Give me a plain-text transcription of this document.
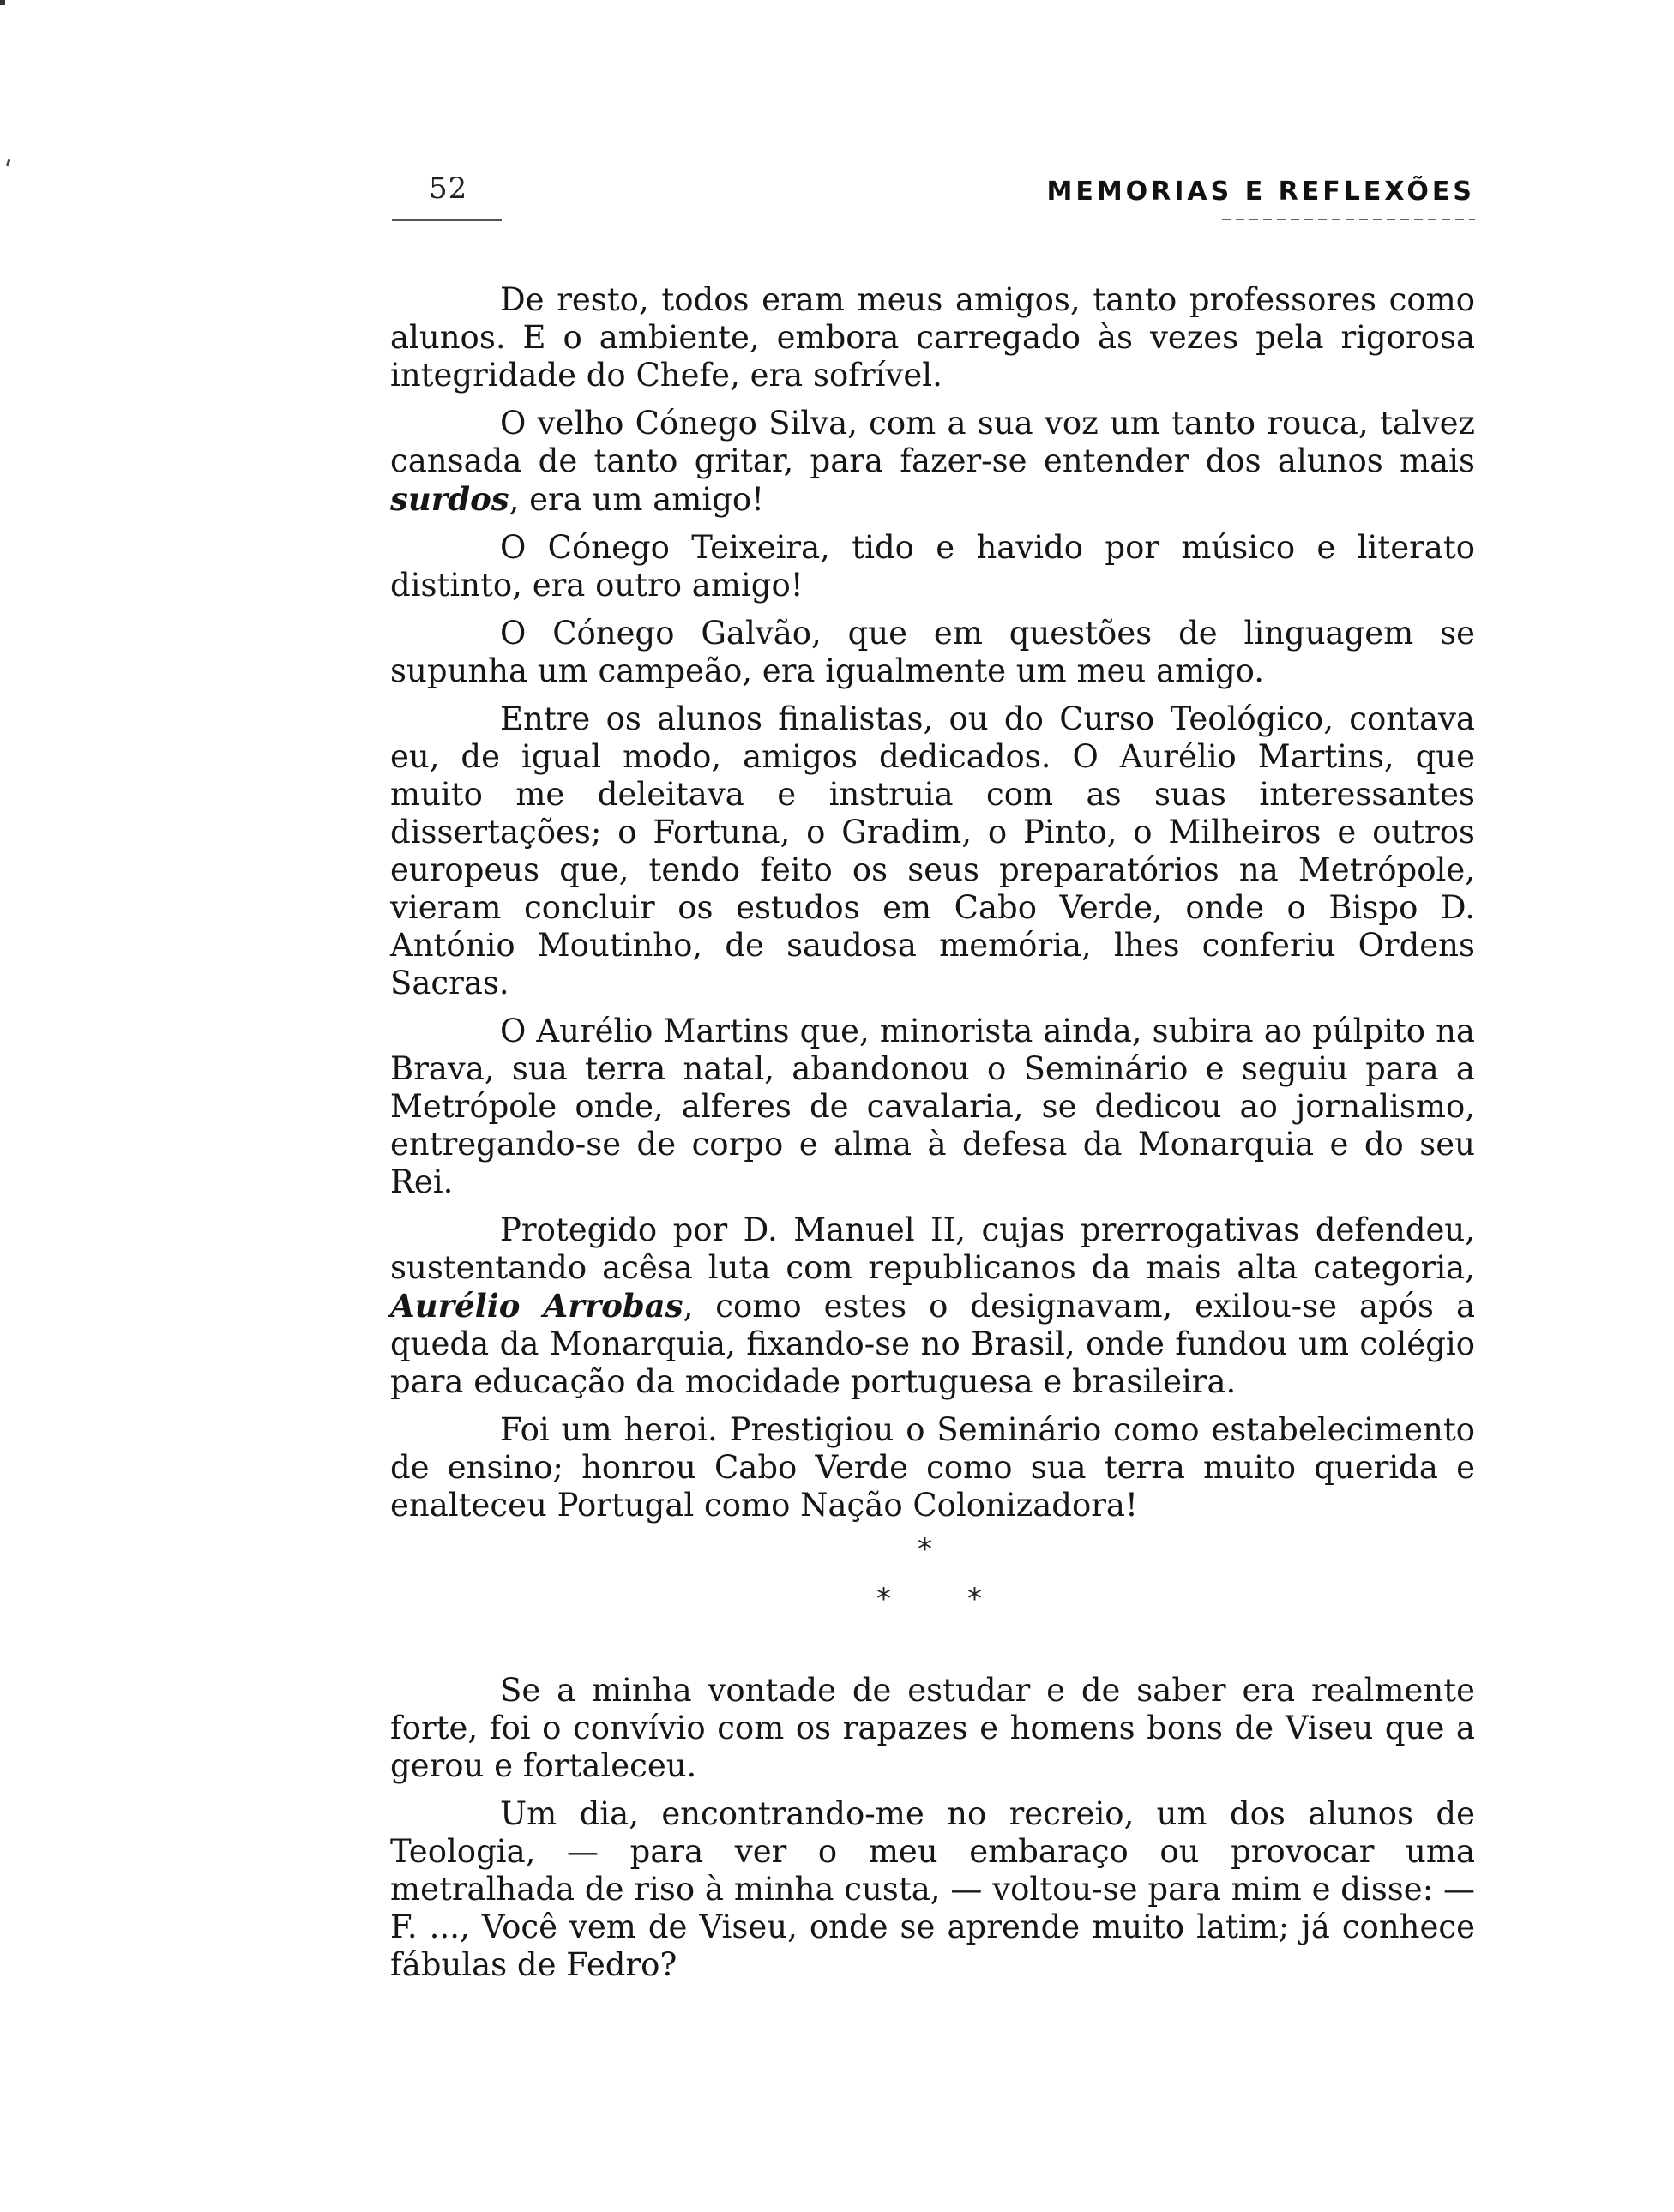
52	MEMORIAS E REFLEXÕES

De resto, todos eram meus amigos, tanto professores como alunos. E o ambiente, embora carregado às vezes pela rigorosa integridade do Chefe, era sofrível.

O velho Cónego Silva, com a sua voz um tanto rouca, talvez cansada de tanto gritar, para fazer-se entender dos alunos mais surdos, era um amigo!

O Cónego Teixeira, tido e havido por músico e literato distinto, era outro amigo!

O Cónego Galvão, que em questões de linguagem se supunha um campeão, era igualmente um meu amigo.

Entre os alunos finalistas, ou do Curso Teológico, contava eu, de igual modo, amigos dedicados. O Aurélio Martins, que muito me deleitava e instruia com as suas interessantes dissertações; o Fortuna, o Gradim, o Pinto, o Milheiros e outros europeus que, tendo feito os seus preparatórios na Metrópole, vieram concluir os estudos em Cabo Verde, onde o Bispo D. António Moutinho, de saudosa memória, lhes conferiu Ordens Sacras.

O Aurélio Martins que, minorista ainda, subira ao púlpito na Brava, sua terra natal, abandonou o Seminário e seguiu para a Metrópole onde, alferes de cavalaria, se dedicou ao jornalismo, entregando-se de corpo e alma à defesa da Monarquia e do seu Rei.

Protegido por D. Manuel II, cujas prerrogativas defendeu, sustentando acêsa luta com republicanos da mais alta categoria, Aurélio Arrobas, como estes o designavam, exilou-se após a queda da Monarquia, fixando-se no Brasil, onde fundou um colégio para educação da mocidade portuguesa e brasileira.

Foi um heroi. Prestigiou o Seminário como estabelecimento de ensino; honrou Cabo Verde como sua terra muito querida e enalteceu Portugal como Nação Colonizadora!

*
*	*

Se a minha vontade de estudar e de saber era realmente forte, foi o convívio com os rapazes e homens bons de Viseu que a gerou e fortaleceu.

Um dia, encontrando-me no recreio, um dos alunos de Teologia, — para ver o meu embaraço ou provocar uma metralhada de riso à minha custa, — voltou-se para mim e disse: — F. ..., Você vem de Viseu, onde se aprende muito latim; já conhece fábulas de Fedro?
